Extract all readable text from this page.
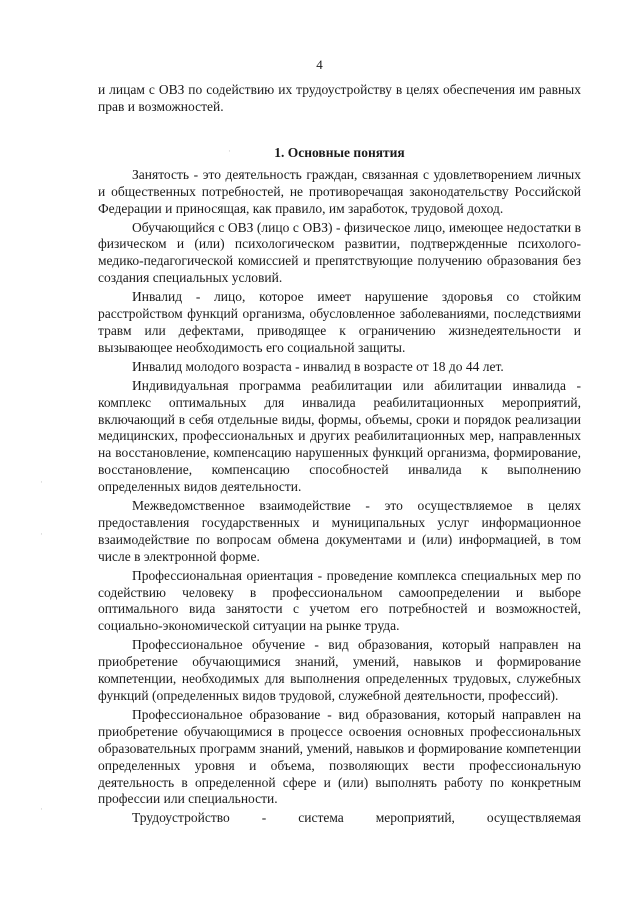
4

и лицам с ОВЗ по содействию их трудоустройству в целях обеспечения им равных прав и возможностей.

1. Основные понятия

Занятость - это деятельность граждан, связанная с удовлетворением личных и общественных потребностей, не противоречащая законодательству Российской Федерации и приносящая, как правило, им заработок, трудовой доход.

Обучающийся с ОВЗ (лицо с ОВЗ) - физическое лицо, имеющее недостатки в физическом и (или) психологическом развитии, подтвержденные психолого-медико-педагогической комиссией и препятствующие получению образования без создания специальных условий.

Инвалид - лицо, которое имеет нарушение здоровья со стойким расстройством функций организма, обусловленное заболеваниями, последствиями травм или дефектами, приводящее к ограничению жизнедеятельности и вызывающее необходимость его социальной защиты.

Инвалид молодого возраста - инвалид в возрасте от 18 до 44 лет.

Индивидуальная программа реабилитации или абилитации инвалида - комплекс оптимальных для инвалида реабилитационных мероприятий, включающий в себя отдельные виды, формы, объемы, сроки и порядок реализации медицинских, профессиональных и других реабилитационных мер, направленных на восстановление, компенсацию нарушенных функций организма, формирование, восстановление, компенсацию способностей инвалида к выполнению определенных видов деятельности.

Межведомственное взаимодействие - это осуществляемое в целях предоставления государственных и муниципальных услуг информационное взаимодействие по вопросам обмена документами и (или) информацией, в том числе в электронной форме.

Профессиональная ориентация - проведение комплекса специальных мер по содействию человеку в профессиональном самоопределении и выборе оптимального вида занятости с учетом его потребностей и возможностей, социально-экономической ситуации на рынке труда.

Профессиональное обучение - вид образования, который направлен на приобретение обучающимися знаний, умений, навыков и формирование компетенции, необходимых для выполнения определенных трудовых, служебных функций (определенных видов трудовой, служебной деятельности, профессий).

Профессиональное образование - вид образования, который направлен на приобретение обучающимися в процессе освоения основных профессиональных образовательных программ знаний, умений, навыков и формирование компетенции определенных уровня и объема, позволяющих вести профессиональную деятельность в определенной сфере и (или) выполнять работу по конкретным профессии или специальности.

Трудоустройство - система мероприятий, осуществляемая
·
·
·
·
